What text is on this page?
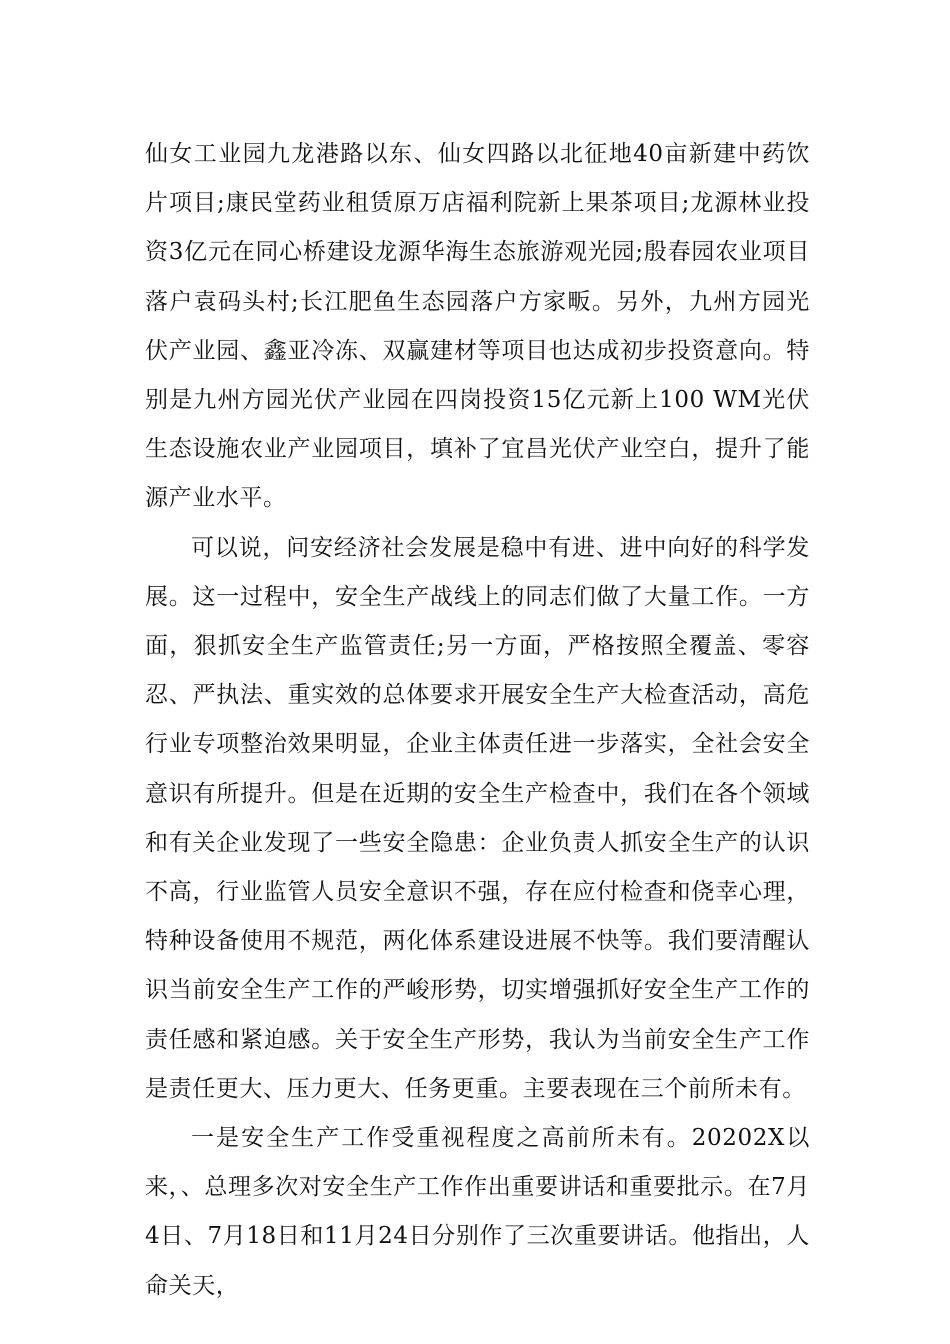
仙女工业园九龙港路以东、仙女四路以北征地40亩新建中药饮片项目;康民堂药业租赁原万店福利院新上果茶项目;龙源林业投资3亿元在同心桥建设龙源华海生态旅游观光园;殷春园农业项目落户袁码头村;长江肥鱼生态园落户方家畈。另外，九州方园光伏产业园、鑫亚冷冻、双赢建材等项目也达成初步投资意向。特别是九州方园光伏产业园在四岗投资15亿元新上100 WM光伏生态设施农业产业园项目，填补了宜昌光伏产业空白，提升了能源产业水平。

可以说，问安经济社会发展是稳中有进、进中向好的科学发展。这一过程中，安全生产战线上的同志们做了大量工作。一方面，狠抓安全生产监管责任;另一方面，严格按照全覆盖、零容忍、严执法、重实效的总体要求开展安全生产大检查活动，高危行业专项整治效果明显，企业主体责任进一步落实，全社会安全意识有所提升。但是在近期的安全生产检查中，我们在各个领域和有关企业发现了一些安全隐患：企业负责人抓安全生产的认识不高，行业监管人员安全意识不强，存在应付检查和侥幸心理，特种设备使用不规范，两化体系建设进展不快等。我们要清醒认识当前安全生产工作的严峻形势，切实增强抓好安全生产工作的责任感和紧迫感。关于安全生产形势，我认为当前安全生产工作是责任更大、压力更大、任务更重。主要表现在三个前所未有。

一是安全生产工作受重视程度之高前所未有。20202X以来，、总理多次对安全生产工作作出重要讲话和重要批示。在7月4日、7月18日和11月24日分别作了三次重要讲话。他指出，人命关天，
